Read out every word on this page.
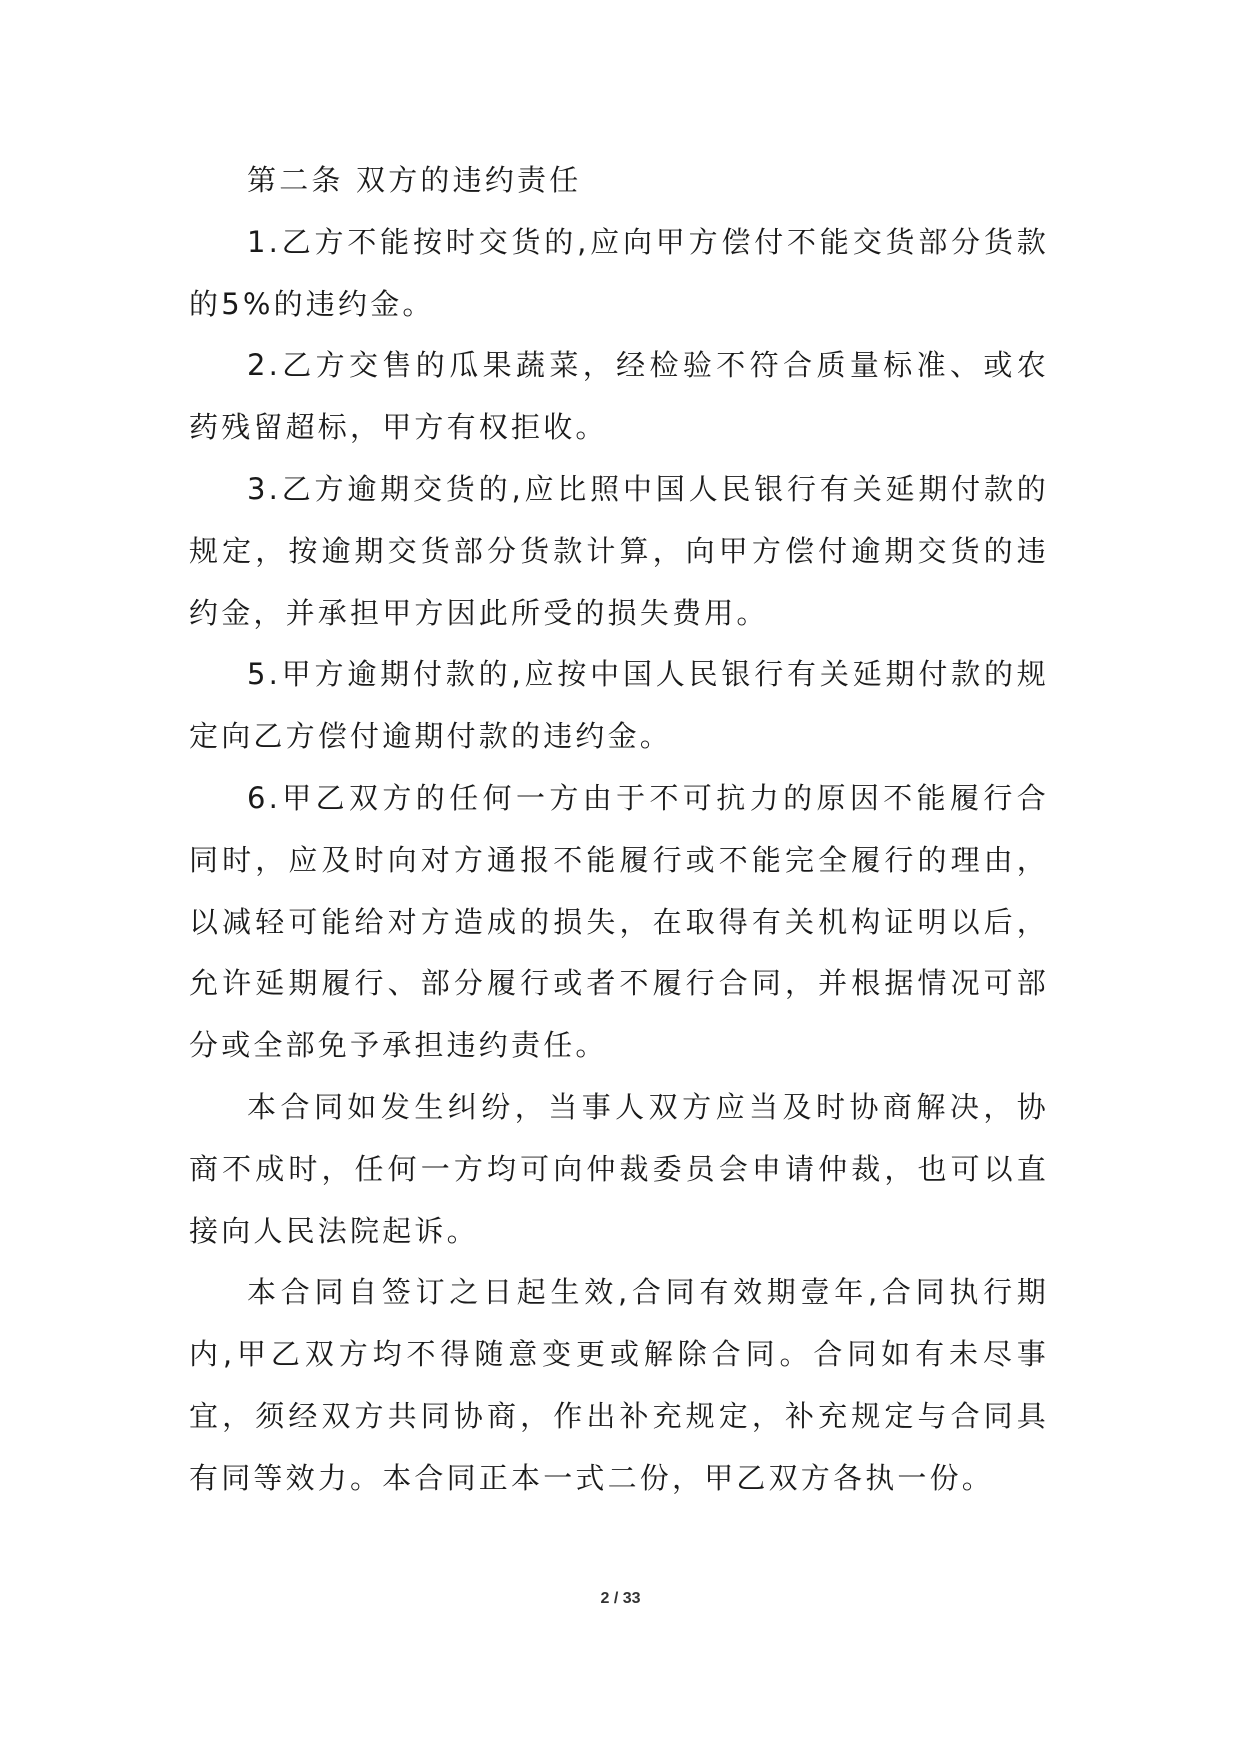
第二条 双方的违约责任

1.乙方不能按时交货的,应向甲方偿付不能交货部分货款的5%的违约金。

2.乙方交售的瓜果蔬菜，经检验不符合质量标准、或农药残留超标，甲方有权拒收。

3.乙方逾期交货的,应比照中国人民银行有关延期付款的规定，按逾期交货部分货款计算，向甲方偿付逾期交货的违约金，并承担甲方因此所受的损失费用。

5.甲方逾期付款的,应按中国人民银行有关延期付款的规定向乙方偿付逾期付款的违约金。

6.甲乙双方的任何一方由于不可抗力的原因不能履行合同时，应及时向对方通报不能履行或不能完全履行的理由，以减轻可能给对方造成的损失，在取得有关机构证明以后，允许延期履行、部分履行或者不履行合同，并根据情况可部分或全部免予承担违约责任。

本合同如发生纠纷，当事人双方应当及时协商解决，协商不成时，任何一方均可向仲裁委员会申请仲裁，也可以直接向人民法院起诉。

本合同自签订之日起生效,合同有效期壹年,合同执行期内,甲乙双方均不得随意变更或解除合同。合同如有未尽事宜，须经双方共同协商，作出补充规定，补充规定与合同具有同等效力。本合同正本一式二份，甲乙双方各执一份。

2 / 33
